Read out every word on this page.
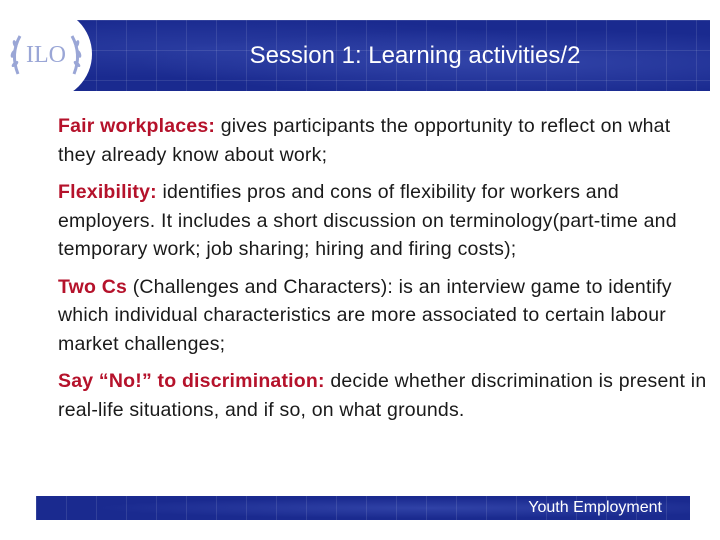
ILO	Session 1: Learning activities/2

Fair workplaces: gives participants the opportunity to reflect on what they already know about work;

Flexibility: identifies pros and cons of flexibility for workers and employers. It includes a short discussion on terminology(part-time and temporary work; job sharing; hiring and firing costs);

Two Cs (Challenges and Characters): is an interview game to identify which individual characteristics are more associated to certain labour market challenges;

Say “No!” to discrimination: decide whether discrimination is present in real-life situations, and if so, on what grounds.

Youth Employment
